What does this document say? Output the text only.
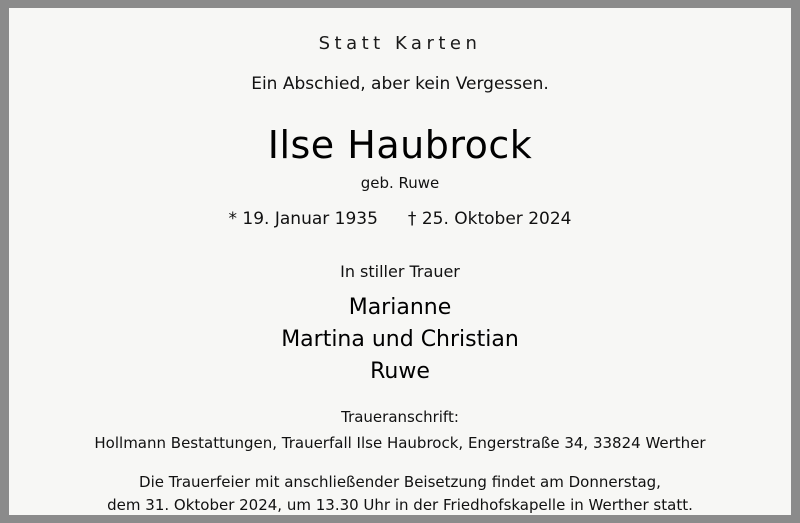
Statt Karten
Ein Abschied, aber kein Vergessen.
Ilse Haubrock
geb. Ruwe
* 19. Januar 1935 † 25. Oktober 2024
In stiller Trauer
Marianne
Martina und Christian
Ruwe
Traueranschrift:
Hollmann Bestattungen, Trauerfall Ilse Haubrock, Engerstraße 34, 33824 Werther
Die Trauerfeier mit anschließender Beisetzung findet am Donnerstag,
dem 31. Oktober 2024, um 13.30 Uhr in der Friedhofskapelle in Werther statt.
